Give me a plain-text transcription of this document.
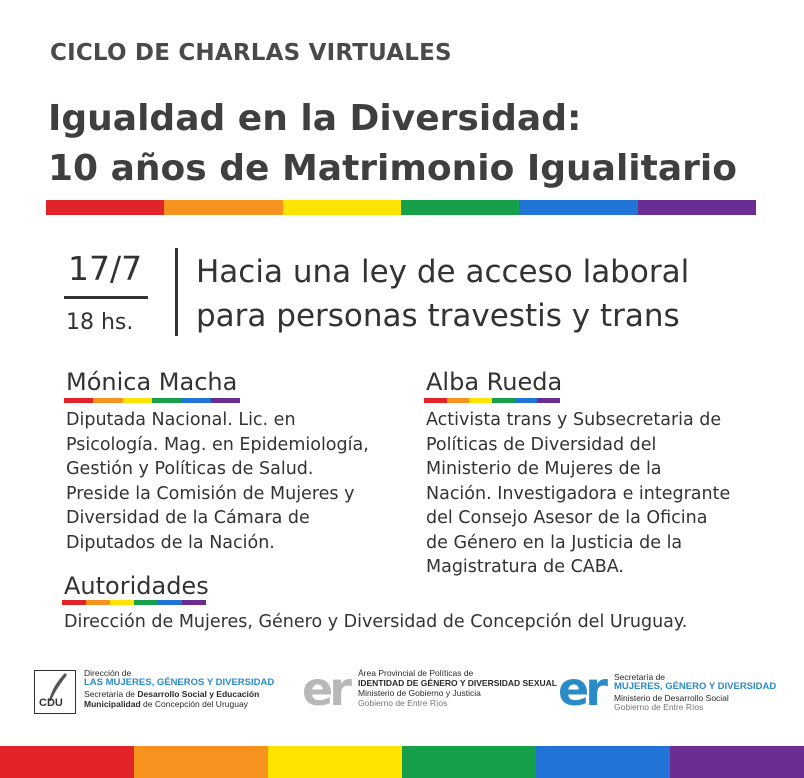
CICLO DE CHARLAS VIRTUALES
Igualdad en la Diversidad:
10 años de Matrimonio Igualitario
17/7
18 hs.
Hacia una ley de acceso laboral
para personas travestis y trans
Mónica Macha
Diputada Nacional. Lic. en
Psicología. Mag. en Epidemiología,
Gestión y Políticas de Salud.
Preside la Comisión de Mujeres y
Diversidad de la Cámara de
Diputados de la Nación.
Alba Rueda
Activista trans y Subsecretaria de
Políticas de Diversidad del
Ministerio de Mujeres de la
Nación. Investigadora e integrante
del Consejo Asesor de la Oficina
de Género en la Justicia de la
Magistratura de CABA.
Autoridades
Dirección de Mujeres, Género y Diversidad de Concepción del Uruguay.
CDU
Dirección de
LAS MUJERES, GÉNEROS Y DIVERSIDAD
Secretaría de Desarrollo Social y Educación
Municipalidad de Concepción del Uruguay er Área Provincial de Políticas de
IDENTIDAD DE GÉNERO Y DIVERSIDAD SEXUAL
Ministerio de Gobierno y Justicia
Gobierno de Entre Ríos er Secretaría de
MUJERES, GÉNERO Y DIVERSIDAD
Ministerio de Desarrollo Social
Gobierno de Entre Ríos
